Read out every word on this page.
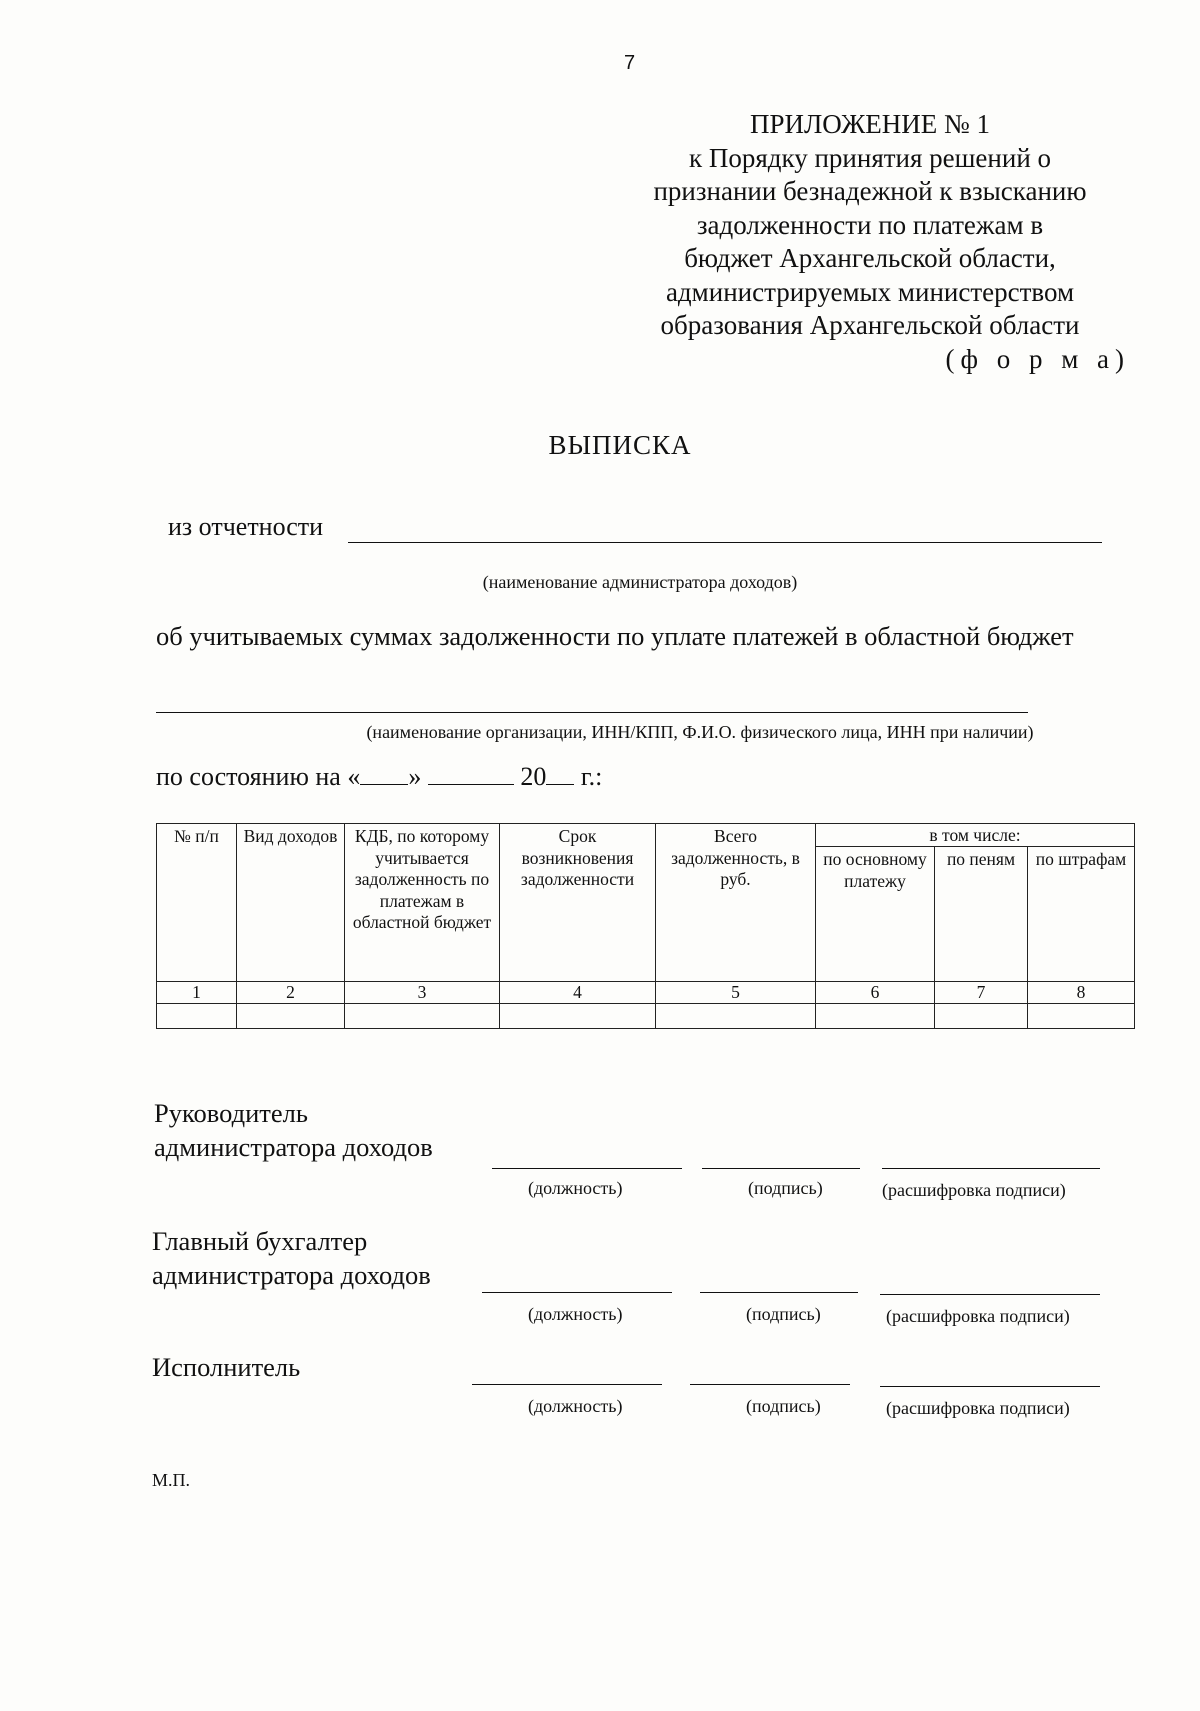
7
ПРИЛОЖЕНИЕ № 1
к Порядку принятия решений о
признании безнадежной к взысканию
задолженности по платежам в
бюджет Архангельской области,
администрируемых министерством
образования Архангельской области
(ф о р м а)
ВЫПИСКА
из отчетности
(наименование администратора доходов)
об учитываемых суммах задолженности по уплате платежей в областной бюджет
(наименование организации, ИНН/КПП, Ф.И.О. физического лица, ИНН при наличии)
по состоянию на « »	20 г.:
№ п/п	Вид доходов	КДБ, по которому учитывается задолженность по платежам в областной бюджет	Срок возникновения задолженности	Всего задолженность, в руб.	в том числе:		
					по основному платежу	по пеням	по штрафам
1	2	3	4	5	6	7	8

Руководитель
администратора доходов
(должность)	(подпись)	(расшифровка подписи)
Главный бухгалтер
администратора доходов
(должность)	(подпись)	(расшифровка подписи)
Исполнитель
(должность)	(подпись)	(расшифровка подписи)
М.П.
